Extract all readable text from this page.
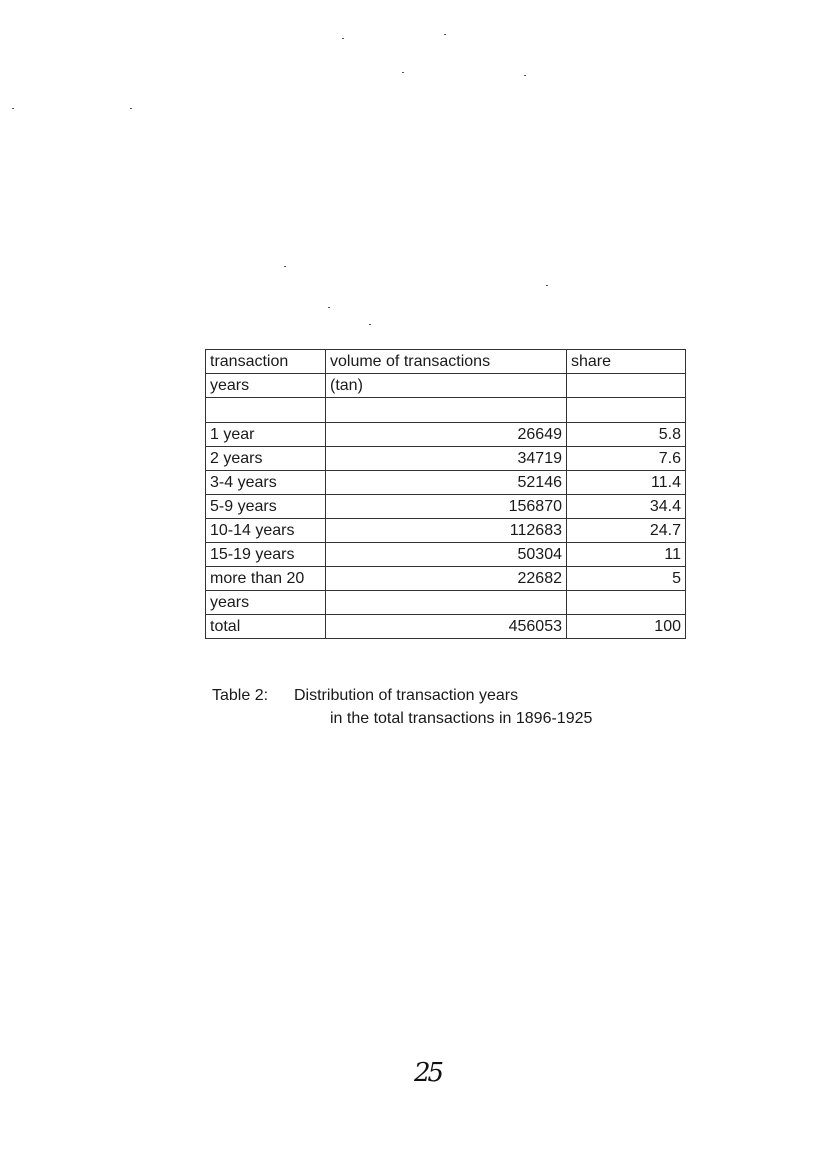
transaction	volume of transactions	share
years	(tan)	

1 year	26649	5.8
2 years	34719	7.6
3-4 years	52146	11.4
5-9 years	156870	34.4
10-14 years	112683	24.7
15-19 years	50304	11
more than 20	22682	5
years		
total	456053	100
Table 2: Distribution of transaction years
in the total transactions in 1896-1925
25
